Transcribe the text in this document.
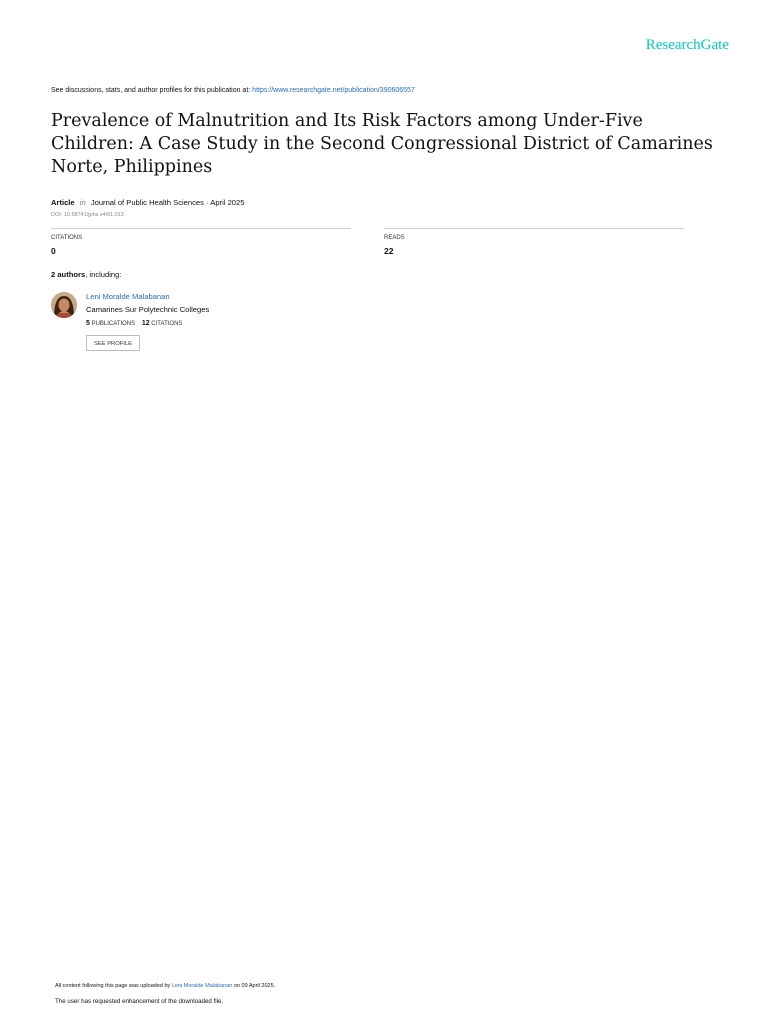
ResearchGate
See discussions, stats, and author profiles for this publication at: https://www.researchgate.net/publication/390606557
Prevalence of Malnutrition and Its Risk Factors among Under-Five Children: A Case Study in the Second Congressional District of Camarines Norte, Philippines
Article in Journal of Public Health Sciences · April 2025
DOI: 10.58741/jphs.v4i01.013
CITATIONS
0
READS
22
2 authors, including:
Leni Moralde Malabanan
Camarines Sur Polytechnic Colleges
5 PUBLICATIONS 12 CITATIONS
SEE PROFILE
All content following this page was uploaded by Leni Moralde Malabanan on 09 April 2025.
The user has requested enhancement of the downloaded file.
